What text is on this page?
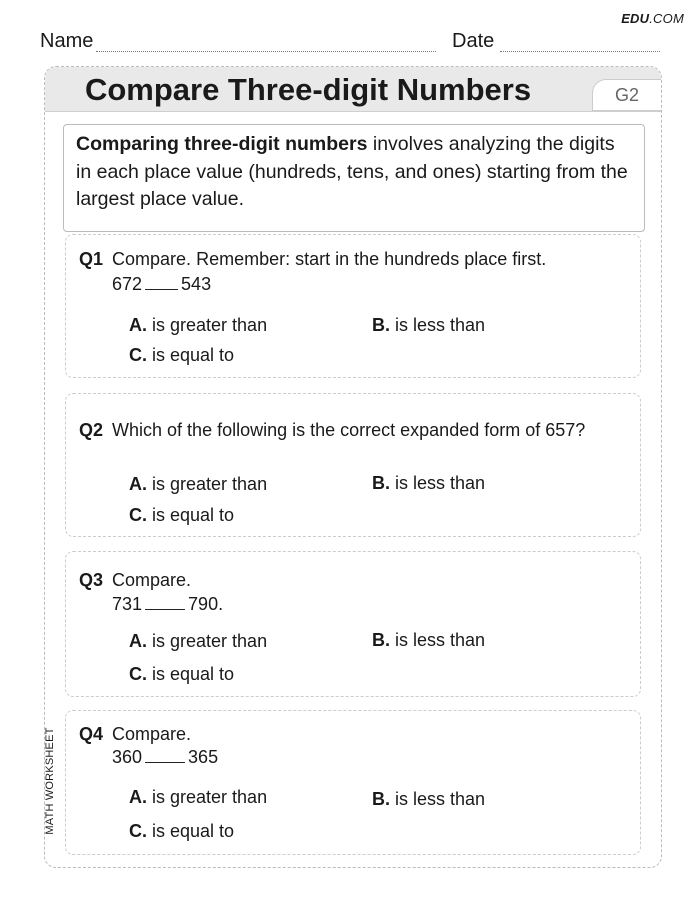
EDU.COM
Name	Date
Compare Three-digit Numbers	G2
Comparing three-digit numbers involves analyzing the digits in each place value (hundreds, tens, and ones) starting from the largest place value.
Q1 Compare. Remember: start in the hundreds place first.
672 543
A. is greater than	B. is less than
C. is equal to
Q2 Which of the following is the correct expanded form of 657?
A. is greater than	B. is less than
C. is equal to
Q3 Compare.
731	790.
A. is greater than	B. is less than
C. is equal to
Q4 Compare.
360	365
A. is greater than	B. is less than
C. is equal to
MATH WORKSHEET
